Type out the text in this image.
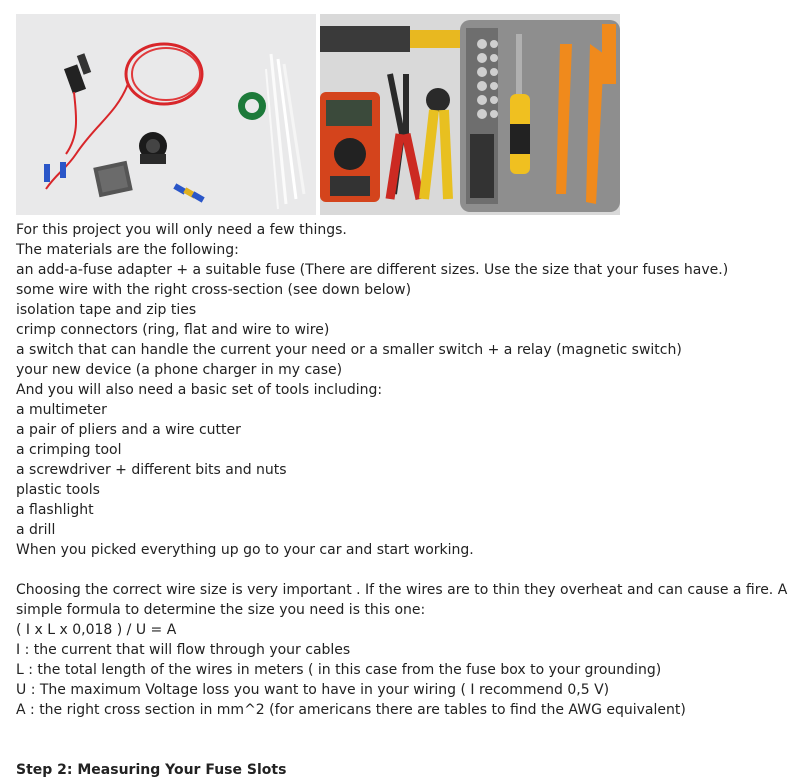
For this project you will only need a few things.

The materials are the following:

an add-a-fuse adapter + a suitable fuse (There are different sizes. Use the size that your fuses have.)

some wire with the right cross-section (see down below)

isolation tape and zip ties

crimp connectors (ring, flat and wire to wire)

a switch that can handle the current your need or a smaller switch + a relay (magnetic switch)

your new device (a phone charger in my case)

And you will also need a basic set of tools including:

a multimeter

a pair of pliers and a wire cutter

a crimping tool

a screwdriver + different bits and nuts

plastic tools

a flashlight

a drill

When you picked everything up go to your car and start working.

Choosing the correct wire size is very important . If the wires are to thin they overheat and can cause a fire. A simple formula to determine the size you need is this one:

( I x L x 0,018 ) / U = A

I : the current that will flow through your cables

L : the total length of the wires in meters ( in this case from the fuse box to your grounding)

U : The maximum Voltage loss you want to have in your wiring ( I recommend 0,5 V)

A : the right cross section in mm^2 (for americans there are tables to find the AWG equivalent)

Step 2: Measuring Your Fuse Slots
